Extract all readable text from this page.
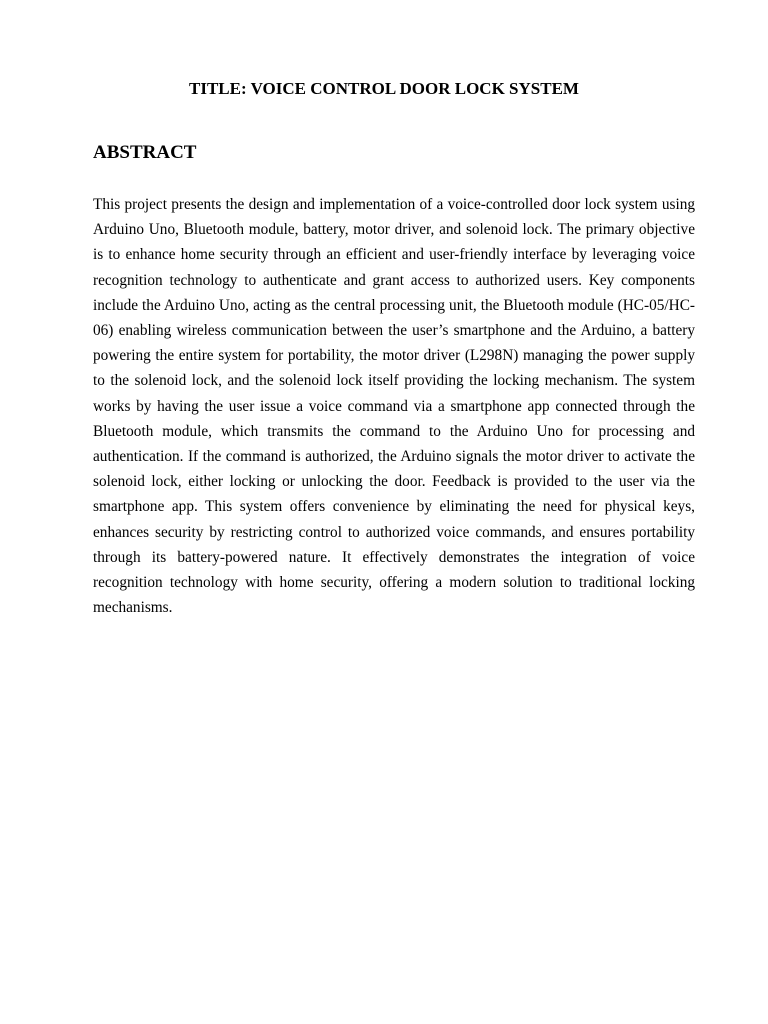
TITLE: VOICE CONTROL DOOR LOCK SYSTEM
ABSTRACT

This project presents the design and implementation of a voice-controlled door lock system using Arduino Uno, Bluetooth module, battery, motor driver, and solenoid lock. The primary objective is to enhance home security through an efficient and user-friendly interface by leveraging voice recognition technology to authenticate and grant access to authorized users. Key components include the Arduino Uno, acting as the central processing unit, the Bluetooth module (HC-05/HC-06) enabling wireless communication between the user’s smartphone and the Arduino, a battery powering the entire system for portability, the motor driver (L298N) managing the power supply to the solenoid lock, and the solenoid lock itself providing the locking mechanism. The system works by having the user issue a voice command via a smartphone app connected through the Bluetooth module, which transmits the command to the Arduino Uno for processing and authentication. If the command is authorized, the Arduino signals the motor driver to activate the solenoid lock, either locking or unlocking the door. Feedback is provided to the user via the smartphone app. This system offers convenience by eliminating the need for physical keys, enhances security by restricting control to authorized voice commands, and ensures portability through its battery-powered nature. It effectively demonstrates the integration of voice recognition technology with home security, offering a modern solution to traditional locking mechanisms.
